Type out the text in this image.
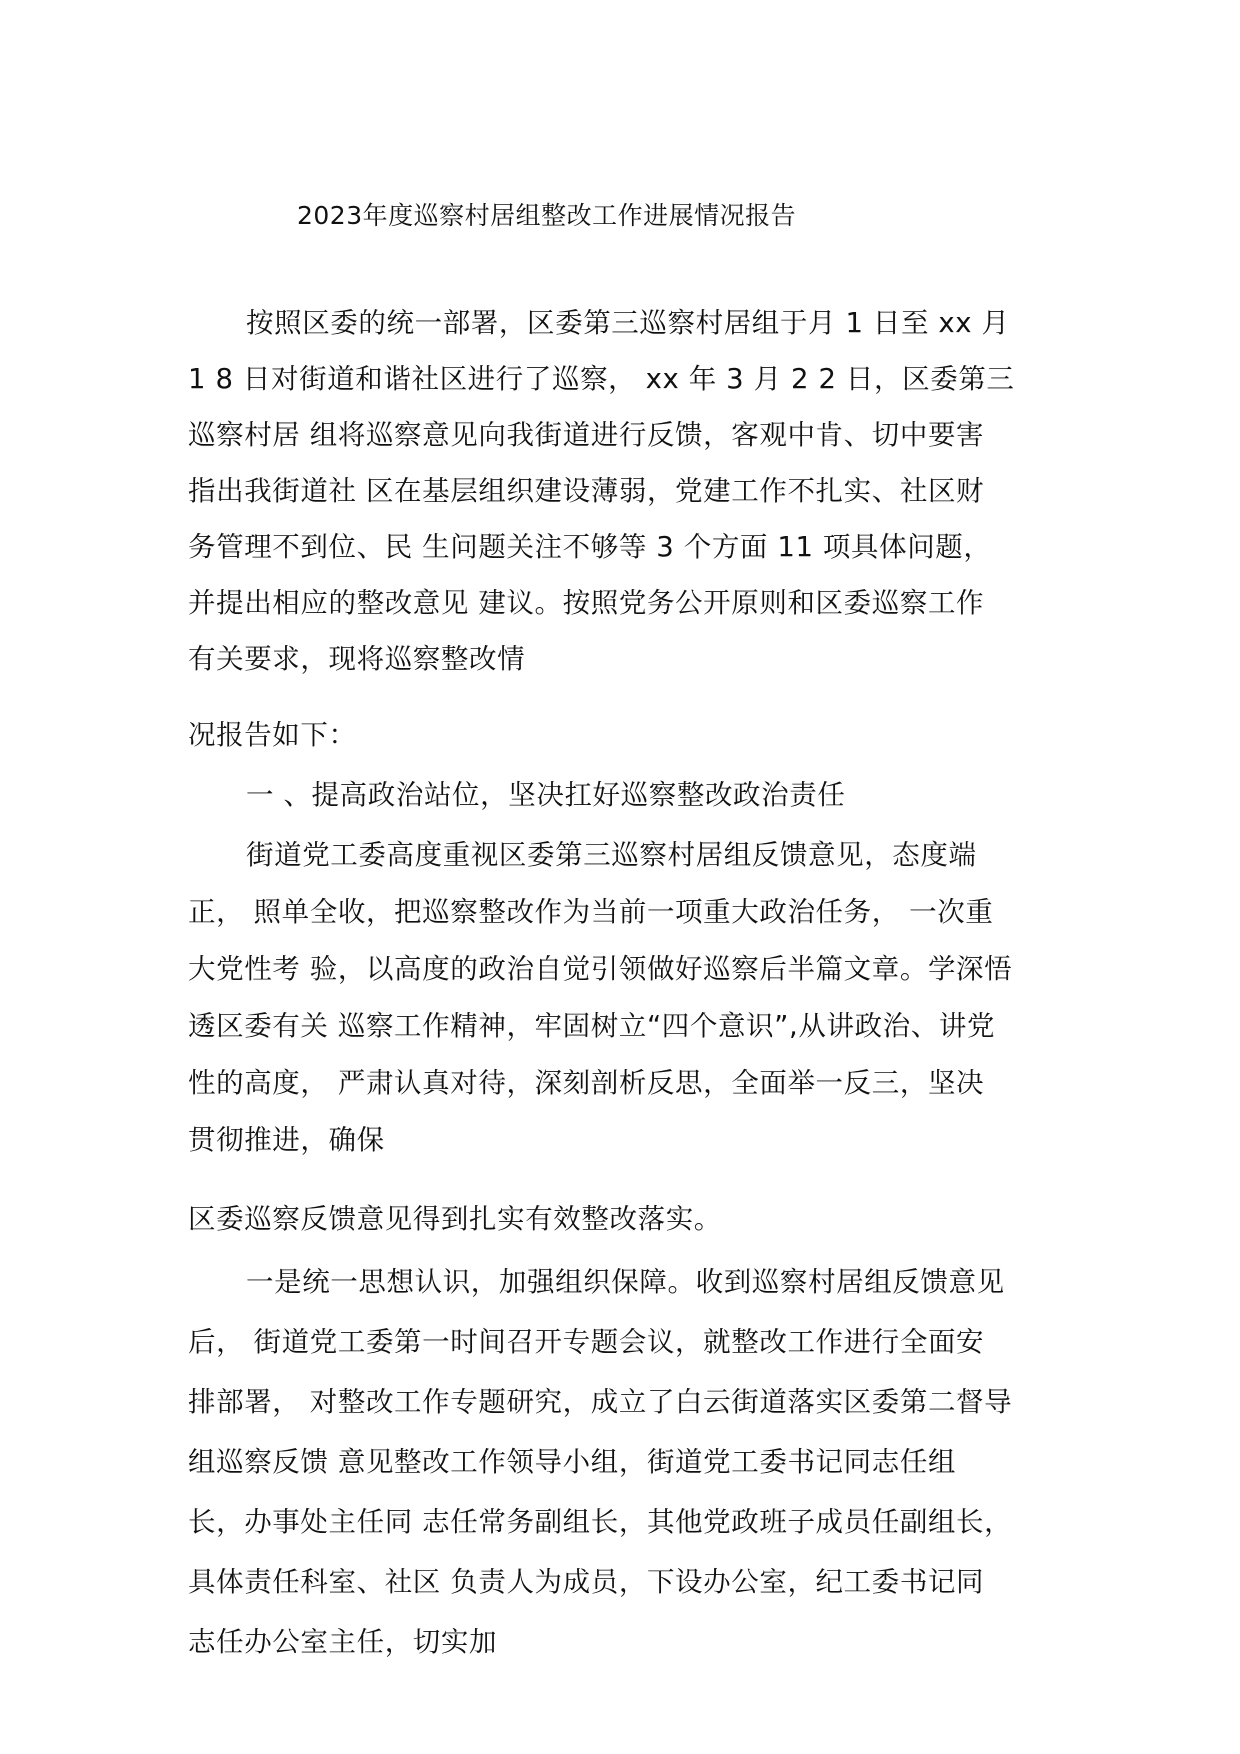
2023年度巡察村居组整改工作进展情况报告
按照区委的统一部署，区委第三巡察村居组于月 1 日至 xx 月
1 8 日对街道和谐社区进行了巡察， xx 年 3 月 2 2 日，区委第三
巡察村居 组将巡察意见向我街道进行反馈，客观中肯、切中要害
指出我街道社 区在基层组织建设薄弱，党建工作不扎实、社区财
务管理不到位、民 生问题关注不够等 3 个方面 11 项具体问题，
并提出相应的整改意见 建议。按照党务公开原则和区委巡察工作
有关要求，现将巡察整改情
况报告如下：
一 、提高政治站位，坚决扛好巡察整改政治责任
街道党工委高度重视区委第三巡察村居组反馈意见，态度端
正， 照单全收，把巡察整改作为当前一项重大政治任务， 一次重
大党性考 验，以高度的政治自觉引领做好巡察后半篇文章。学深悟
透区委有关 巡察工作精神，牢固树立“四个意识”,从讲政治、讲党
性的高度， 严肃认真对待，深刻剖析反思，全面举一反三，坚决
贯彻推进，确保
区委巡察反馈意见得到扎实有效整改落实。
一是统一思想认识，加强组织保障。收到巡察村居组反馈意见
后， 街道党工委第一时间召开专题会议，就整改工作进行全面安
排部署， 对整改工作专题研究，成立了白云街道落实区委第二督导
组巡察反馈 意见整改工作领导小组，街道党工委书记同志任组
长，办事处主任同 志任常务副组长，其他党政班子成员任副组长，
具体责任科室、社区 负责人为成员，下设办公室，纪工委书记同
志任办公室主任，切实加
